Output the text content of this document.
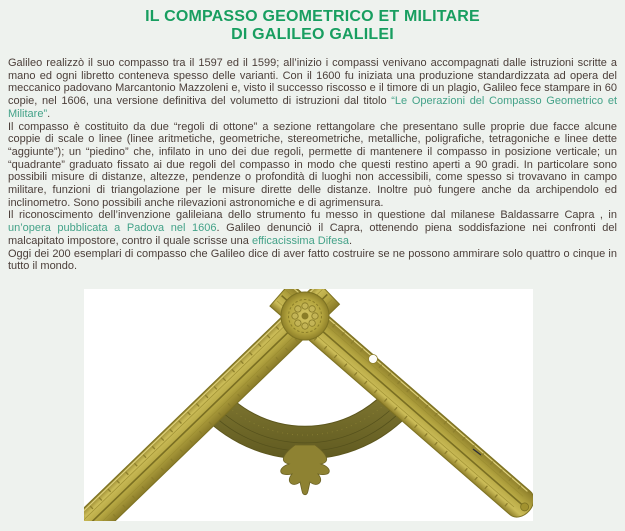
IL COMPASSO GEOMETRICO ET MILITARE
DI GALILEO GALILEI

Galileo realizzò il suo compasso tra il 1597 ed il 1599; all’inizio i compassi venivano accompagnati dalle istruzioni scritte a mano ed ogni libretto conteneva spesso delle varianti. Con il 1600 fu iniziata una produzione standardizzata ad opera del meccanico padovano Marcantonio Mazzoleni e, visto il successo riscosso e il timore di un plagio, Galileo fece stampare in 60 copie, nel 1606, una versione definitiva del volumetto di istruzioni dal titolo “Le Operazioni del Compasso Geometrico et Militare”.

Il compasso è costituito da due “regoli di ottone” a sezione rettangolare che presentano sulle proprie due facce alcune coppie di scale o linee (linee aritmetiche, geometriche, stereometriche, metalliche, poligrafiche, tetragoniche e linee dette “aggiunte”); un “piedino” che, infilato in uno dei due regoli, permette di mantenere il compasso in posizione verticale; un “quadrante” graduato fissato ai due regoli del compasso in modo che questi restino aperti a 90 gradi. In particolare sono possibili misure di distanze, altezze, pendenze o profondità di luoghi non accessibili, come spesso si trovavano in campo militare, funzioni di triangolazione per le misure dirette delle distanze. Inoltre può fungere anche da archipendolo ed inclinometro. Sono possibili anche rilevazioni astronomiche e di agrimensura.

Il riconoscimento dell’invenzione galileiana dello strumento fu messo in questione dal milanese Baldassarre Capra , in un’opera pubblicata a Padova nel 1606. Galileo denunciò il Capra, ottenendo piena soddisfazione nei confronti del malcapitato impostore, contro il quale scrisse una efficacissima Difesa.

Oggi dei 200 esemplari di compasso che Galileo dice di aver fatto costruire se ne possono ammirare solo quattro o cinque in tutto il mondo.
